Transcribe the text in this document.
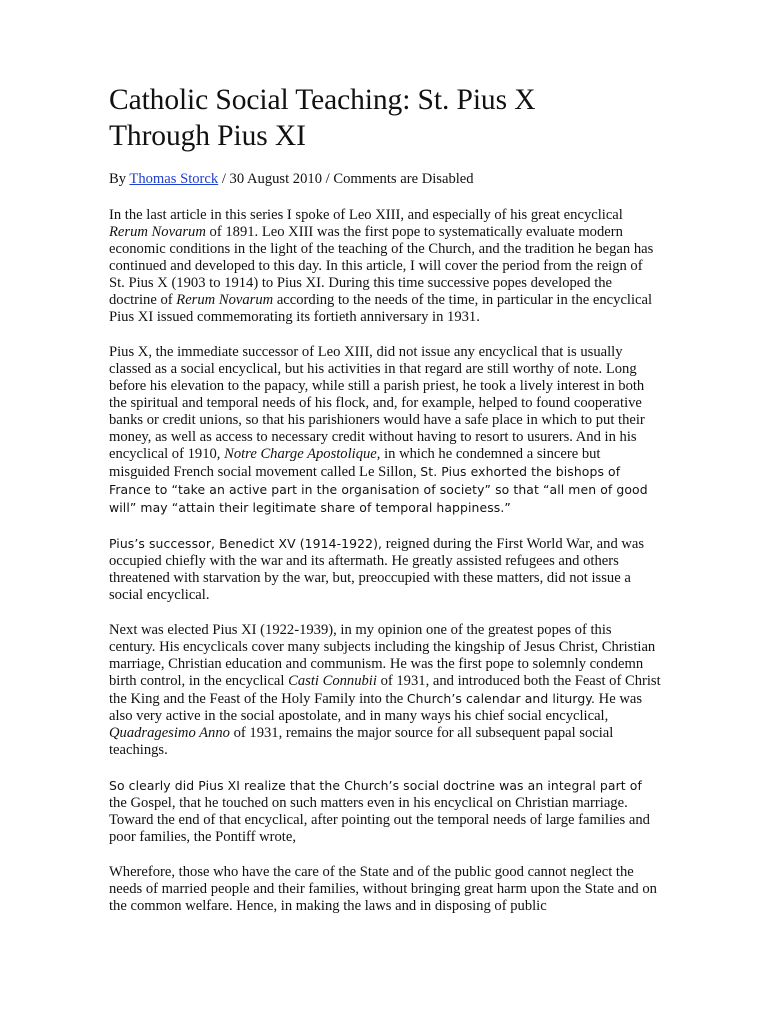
Catholic Social Teaching: St. Pius X
Through Pius XI
By Thomas Storck / 30 August 2010 / Comments are Disabled

In the last article in this series I spoke of Leo XIII, and especially of his great encyclical Rerum Novarum of 1891. Leo XIII was the first pope to systematically evaluate modern economic conditions in the light of the teaching of the Church, and the tradition he began has continued and developed to this day. In this article, I will cover the period from the reign of St. Pius X (1903 to 1914) to Pius XI. During this time successive popes developed the doctrine of Rerum Novarum according to the needs of the time, in particular in the encyclical Pius XI issued commemorating its fortieth anniversary in 1931.

Pius X, the immediate successor of Leo XIII, did not issue any encyclical that is usually classed as a social encyclical, but his activities in that regard are still worthy of note. Long before his elevation to the papacy, while still a parish priest, he took a lively interest in both the spiritual and temporal needs of his flock, and, for example, helped to found cooperative banks or credit unions, so that his parishioners would have a safe place in which to put their money, as well as access to necessary credit without having to resort to usurers. And in his encyclical of 1910, Notre Charge Apostolique, in which he condemned a sincere but misguided French social movement called Le Sillon, St. Pius exhorted the bishops of France to “take an active part in the organisation of society” so that “all men of good will” may “attain their legitimate share of temporal happiness.”

Pius’s successor, Benedict XV (1914-1922), reigned during the First World War, and was occupied chiefly with the war and its aftermath. He greatly assisted refugees and others threatened with starvation by the war, but, preoccupied with these matters, did not issue a social encyclical.

Next was elected Pius XI (1922-1939), in my opinion one of the greatest popes of this century. His encyclicals cover many subjects including the kingship of Jesus Christ, Christian marriage, Christian education and communism. He was the first pope to solemnly condemn birth control, in the encyclical Casti Connubii of 1931, and introduced both the Feast of Christ the King and the Feast of the Holy Family into the Church’s calendar and liturgy. He was also very active in the social apostolate, and in many ways his chief social encyclical, Quadragesimo Anno of 1931, remains the major source for all subsequent papal social teachings.

So clearly did Pius XI realize that the Church’s social doctrine was an integral part of the Gospel, that he touched on such matters even in his encyclical on Christian marriage. Toward the end of that encyclical, after pointing out the temporal needs of large families and poor families, the Pontiff wrote,

Wherefore, those who have the care of the State and of the public good cannot neglect the needs of married people and their families, without bringing great harm upon the State and on the common welfare. Hence, in making the laws and in disposing of public
